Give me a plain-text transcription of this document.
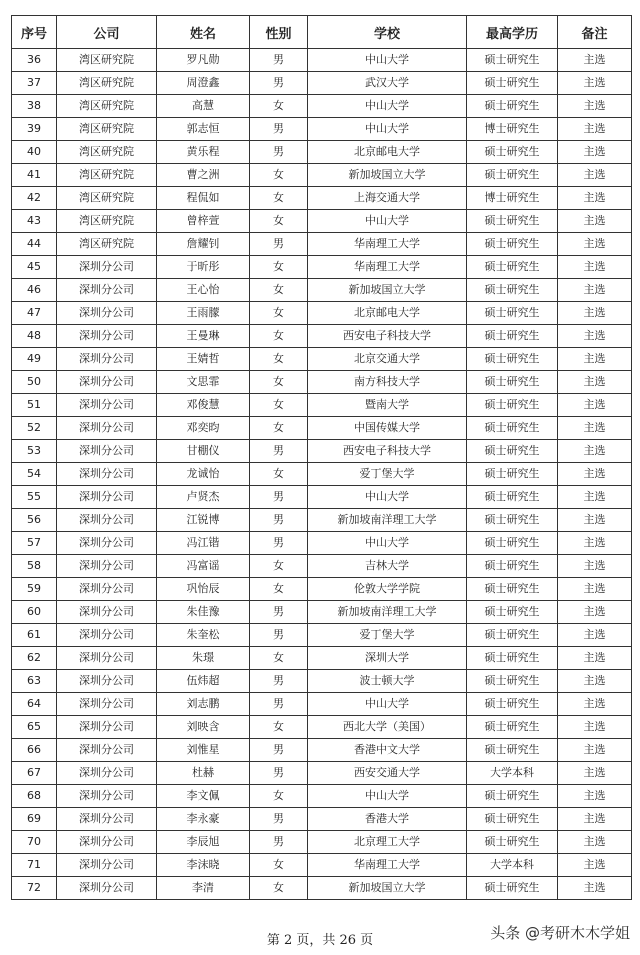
序号	公司	姓名	性别	学校	最高学历	备注
36	湾区研究院	罗凡勋	男	中山大学	硕士研究生	主选
37	湾区研究院	周澄鑫	男	武汉大学	硕士研究生	主选
38	湾区研究院	高慧	女	中山大学	硕士研究生	主选
39	湾区研究院	郭志恒	男	中山大学	博士研究生	主选
40	湾区研究院	黄乐程	男	北京邮电大学	硕士研究生	主选
41	湾区研究院	曹之洲	女	新加坡国立大学	硕士研究生	主选
42	湾区研究院	程侃如	女	上海交通大学	博士研究生	主选
43	湾区研究院	曾梓萱	女	中山大学	硕士研究生	主选
44	湾区研究院	詹耀钊	男	华南理工大学	硕士研究生	主选
45	深圳分公司	于昕彤	女	华南理工大学	硕士研究生	主选
46	深圳分公司	王心怡	女	新加坡国立大学	硕士研究生	主选
47	深圳分公司	王雨朦	女	北京邮电大学	硕士研究生	主选
48	深圳分公司	王曼琳	女	西安电子科技大学	硕士研究生	主选
49	深圳分公司	王婧哲	女	北京交通大学	硕士研究生	主选
50	深圳分公司	文思霏	女	南方科技大学	硕士研究生	主选
51	深圳分公司	邓俊慧	女	暨南大学	硕士研究生	主选
52	深圳分公司	邓奕昀	女	中国传媒大学	硕士研究生	主选
53	深圳分公司	甘棚仪	男	西安电子科技大学	硕士研究生	主选
54	深圳分公司	龙诚怡	女	爱丁堡大学	硕士研究生	主选
55	深圳分公司	卢贤杰	男	中山大学	硕士研究生	主选
56	深圳分公司	江锐博	男	新加坡南洋理工大学	硕士研究生	主选
57	深圳分公司	冯江锴	男	中山大学	硕士研究生	主选
58	深圳分公司	冯富谣	女	吉林大学	硕士研究生	主选
59	深圳分公司	巩怡辰	女	伦敦大学学院	硕士研究生	主选
60	深圳分公司	朱佳豫	男	新加坡南洋理工大学	硕士研究生	主选
61	深圳分公司	朱奎松	男	爱丁堡大学	硕士研究生	主选
62	深圳分公司	朱璟	女	深圳大学	硕士研究生	主选
63	深圳分公司	伍炜超	男	波士顿大学	硕士研究生	主选
64	深圳分公司	刘志鹏	男	中山大学	硕士研究生	主选
65	深圳分公司	刘映含	女	西北大学（美国）	硕士研究生	主选
66	深圳分公司	刘惟星	男	香港中文大学	硕士研究生	主选
67	深圳分公司	杜赫	男	西安交通大学	大学本科	主选
68	深圳分公司	李文佩	女	中山大学	硕士研究生	主选
69	深圳分公司	李永豪	男	香港大学	硕士研究生	主选
70	深圳分公司	李辰旭	男	北京理工大学	硕士研究生	主选
71	深圳分公司	李沫晓	女	华南理工大学	大学本科	主选
72	深圳分公司	李清	女	新加坡国立大学	硕士研究生	主选
第 2 页，共 26 页	头条 @考研木木学姐
